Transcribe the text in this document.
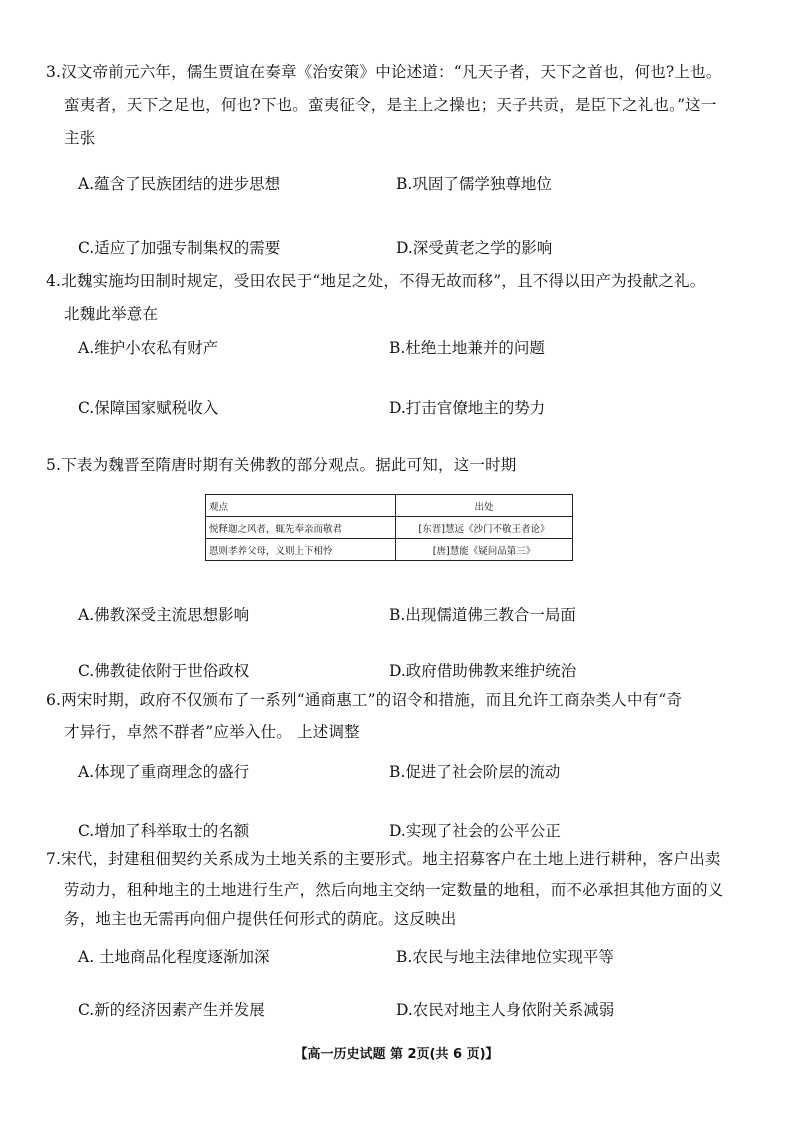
3.汉文帝前元六年，儒生贾谊在奏章《治安策》中论述道：“凡天子者，天下之首也，何也?上也。
蛮夷者，天下之足也，何也?下也。蛮夷征令，是主上之操也；天子共贡，是臣下之礼也。”这一
主张
A.蕴含了民族团结的进步思想	B.巩固了儒学独尊地位
C.适应了加强专制集权的需要	D.深受黄老之学的影响
4.北魏实施均田制时规定，受田农民于“地足之处，不得无故而移”，且不得以田产为投献之礼。
北魏此举意在
A.维护小农私有财产	B.杜绝土地兼并的问题
C.保障国家赋税收入	D.打击官僚地主的势力
5.下表为魏晋至隋唐时期有关佛教的部分观点。据此可知，这一时期
观点	出处
悦释迦之风者，辄先奉亲而敬君	[东晋]慧远《沙门不敬王者论》
恩则孝养父母，义则上下相怜	[唐]慧能《疑问品第三》
A.佛教深受主流思想影响	B.出现儒道佛三教合一局面
C.佛教徒依附于世俗政权	D.政府借助佛教来维护统治
6.两宋时期，政府不仅颁布了一系列“通商惠工”的诏令和措施，而且允许工商杂类人中有“奇
才异行，卓然不群者”应举入仕。 上述调整
A.体现了重商理念的盛行	B.促进了社会阶层的流动
C.增加了科举取士的名额	D.实现了社会的公平公正
7.宋代，封建租佃契约关系成为土地关系的主要形式。地主招募客户在土地上进行耕种，客户出卖
劳动力，租种地主的土地进行生产，然后向地主交纳一定数量的地租，而不必承担其他方面的义
务，地主也无需再向佃户提供任何形式的荫庇。这反映出
A. 土地商品化程度逐渐加深	B.农民与地主法律地位实现平等
C.新的经济因素产生并发展	D.农民对地主人身依附关系减弱
【高一历史试题 第 2页(共 6 页)】
